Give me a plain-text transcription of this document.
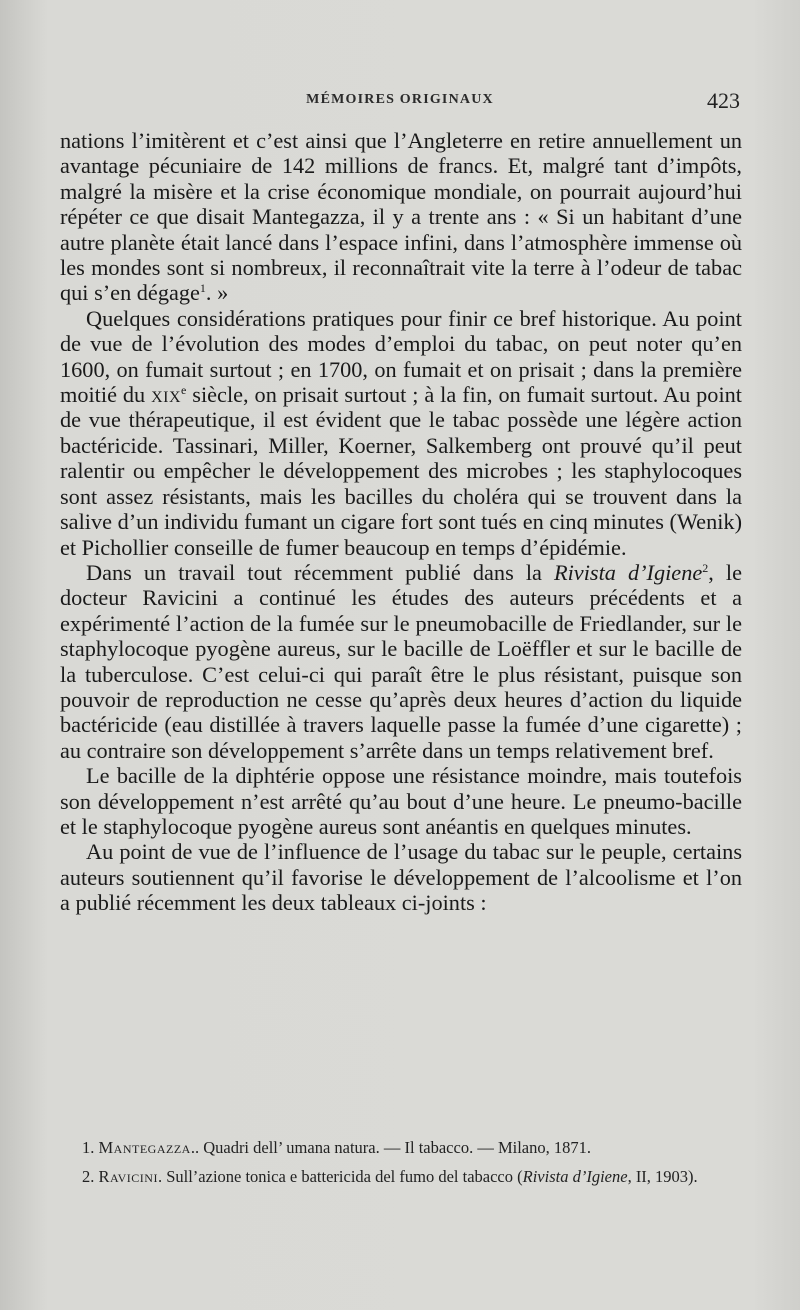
MÉMOIRES ORIGINAUX	423

nations l’imitèrent et c’est ainsi que l’Angleterre en retire annuellement un avantage pécuniaire de 142 millions de francs. Et, malgré tant d’impôts, malgré la misère et la crise économique mondiale, on pourrait aujourd’hui répéter ce que disait Mantegazza, il y a trente ans : « Si un habitant d’une autre planète était lancé dans l’espace infini, dans l’atmosphère immense où les mondes sont si nombreux, il reconnaîtrait vite la terre à l’odeur de tabac qui s’en dégage$^1$. »

Quelques considérations pratiques pour finir ce bref historique. Au point de vue de l’évolution des modes d’emploi du tabac, on peut noter qu’en 1600, on fumait surtout ; en 1700, on fumait et on prisait ; dans la première moitié du xix$^e$ siècle, on prisait surtout ; à la fin, on fumait surtout. Au point de vue thérapeutique, il est évident que le tabac possède une légère action bactéricide. Tassinari, Miller, Koerner, Salkemberg ont prouvé qu’il peut ralentir ou empêcher le développement des microbes ; les staphylocoques sont assez résistants, mais les bacilles du choléra qui se trouvent dans la salive d’un individu fumant un cigare fort sont tués en cinq minutes (Wenik) et Pichollier conseille de fumer beaucoup en temps d’épidémie.

Dans un travail tout récemment publié dans la Rivista d’Igiene$^2$, le docteur Ravicini a continué les études des auteurs précédents et a expérimenté l’action de la fumée sur le pneumobacille de Friedlander, sur le staphylocoque pyogène aureus, sur le bacille de Loëffler et sur le bacille de la tuberculose. C’est celui-ci qui paraît être le plus résistant, puisque son pouvoir de reproduction ne cesse qu’après deux heures d’action du liquide bactéricide (eau distillée à travers laquelle passe la fumée d’une cigarette) ; au contraire son développement s’arrête dans un temps relativement bref.

Le bacille de la diphtérie oppose une résistance moindre, mais toutefois son développement n’est arrêté qu’au bout d’une heure. Le pneumo-bacille et le staphylocoque pyogène aureus sont anéantis en quelques minutes.

Au point de vue de l’influence de l’usage du tabac sur le peuple, certains auteurs soutiennent qu’il favorise le développement de l’alcoolisme et l’on a publié récemment les deux tableaux ci-joints :

1. Mantegazza.. Quadri dell’ umana natura. — Il tabacco. — Milano, 1871.

2. Ravicini. Sull’azione tonica e battericida del fumo del tabacco (Rivista d’Igiene, II, 1903).
